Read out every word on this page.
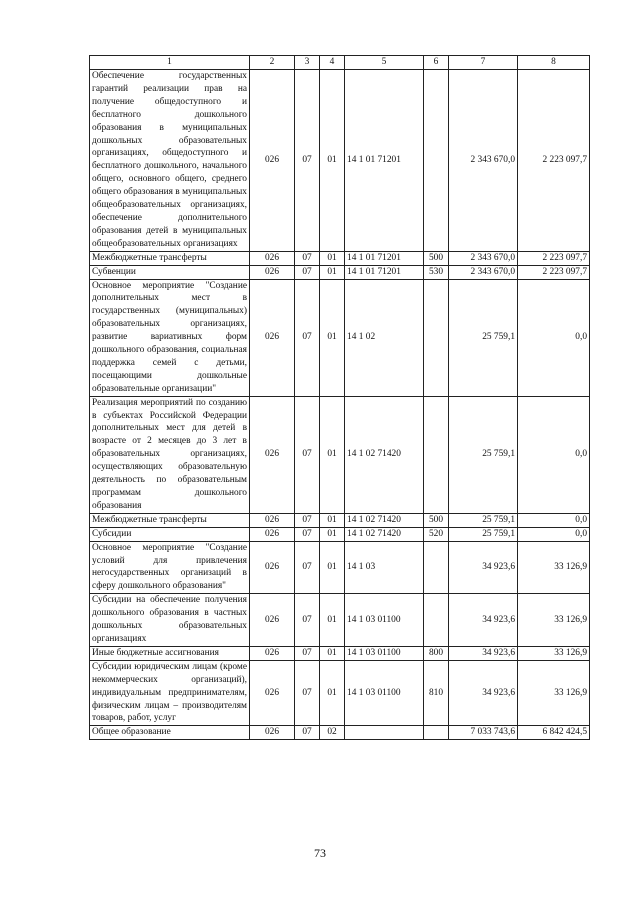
1	2	3	4	5	6	7	8
Обеспечение государственных гарантий реализации прав на получение общедоступного и бесплатного дошкольного образования в муниципальных дошкольных образовательных организациях, общедоступного и бесплатного дошкольного, начального общего, основного общего, среднего общего образования в муниципальных общеобразовательных организациях, обеспечение дополнительного образования детей в муниципальных общеобразовательных организациях	026	07	01	14 1 01 71201		2 343 670,0	2 223 097,7
Межбюджетные трансферты	026	07	01	14 1 01 71201	500	2 343 670,0	2 223 097,7
Субвенции	026	07	01	14 1 01 71201	530	2 343 670,0	2 223 097,7
Основное мероприятие "Создание дополнительных мест в государственных (муниципальных) образовательных организациях, развитие вариативных форм дошкольного образования, социальная поддержка семей с детьми, посещающими дошкольные образовательные организации"	026	07	01	14 1 02		25 759,1	0,0
Реализация мероприятий по созданию в субъектах Российской Федерации дополнительных мест для детей в возрасте от 2 месяцев до 3 лет в образовательных организациях, осуществляющих образовательную деятельность по образовательным программам дошкольного образования	026	07	01	14 1 02 71420		25 759,1	0,0
Межбюджетные трансферты	026	07	01	14 1 02 71420	500	25 759,1	0,0
Субсидии	026	07	01	14 1 02 71420	520	25 759,1	0,0
Основное мероприятие "Создание условий для привлечения негосударственных организаций в сферу дошкольного образования"	026	07	01	14 1 03		34 923,6	33 126,9
Субсидии на обеспечение получения дошкольного образования в частных дошкольных образовательных организациях	026	07	01	14 1 03 01100		34 923,6	33 126,9
Иные бюджетные ассигнования	026	07	01	14 1 03 01100	800	34 923,6	33 126,9
Субсидии юридическим лицам (кроме некоммерческих организаций), индивидуальным предпринимателям, физическим лицам – производителям товаров, работ, услуг	026	07	01	14 1 03 01100	810	34 923,6	33 126,9
Общее образование	026	07	02			7 033 743,6	6 842 424,5
73
